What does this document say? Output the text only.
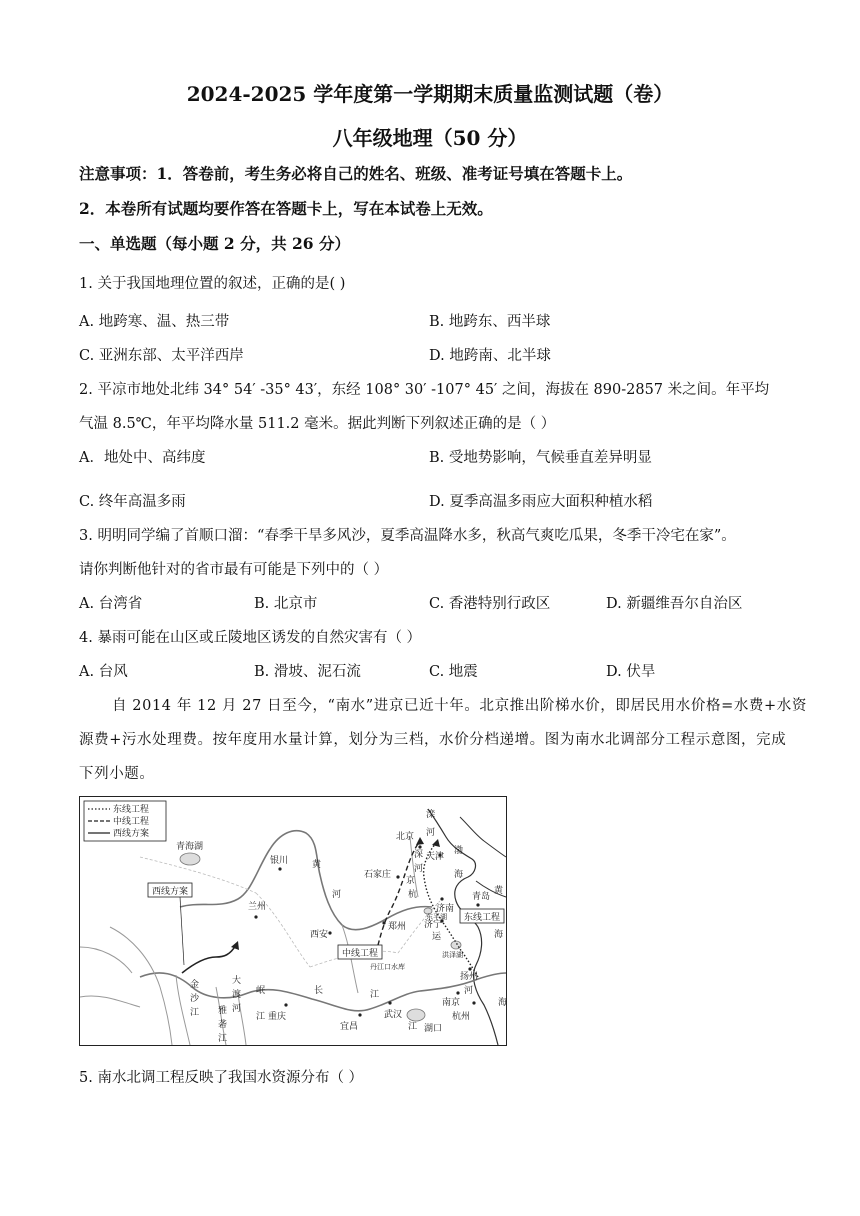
2024-2025 学年度第一学期期末质量监测试题（卷）
八年级地理（50 分）
注意事项：1．答卷前，考生务必将自己的姓名、班级、准考证号填在答题卡上。
2．本卷所有试题均要作答在答题卡上，写在本试卷上无效。
一、单选题（每小题 2 分，共 26 分）
1. 关于我国地理位置的叙述，正确的是( )
A. 地跨寒、温、热三带	B. 地跨东、西半球
C. 亚洲东部、太平洋西岸	D. 地跨南、北半球
2. 平凉市地处北纬 34° 54′ -35° 43′，东经 108° 30′ -107° 45′ 之间，海拔在 890-2857 米之间。年平均
气温 8.5℃，年平均降水量 511.2 毫米。据此判断下列叙述正确的是（ ）
A．地处中、高纬度	B. 受地势影响，气候垂直差异明显
C. 终年高温多雨	D. 夏季高温多雨应大面积种植水稻
3. 明明同学编了首顺口溜：“春季干旱多风沙，夏季高温降水多，秋高气爽吃瓜果，冬季干冷宅在家”。
请你判断他针对的省市最有可能是下列中的（ ）
A. 台湾省	B. 北京市	C. 香港特别行政区	D. 新疆维吾尔自治区
4. 暴雨可能在山区或丘陵地区诱发的自然灾害有（ ）
A. 台风	B. 滑坡、泥石流	C. 地震	D. 伏旱
自 2014 年 12 月 27 日至今，“南水”进京已近十年。北京推出阶梯水价，即居民用水价格=水费+水资
源费+污水处理费。按年度用水量计算，划分为三档，水价分档递增。图为南水北调部分工程示意图，完成
下列小题。
东线工程
中线工程
西线方案
西线方案
中线工程
东线工程
北京
天津
石家庄
济南
青岛
郑州
西安
兰州
银川
青海湖
重庆
宜昌
武汉
南京
扬州
杭州
济宁
丹江口水库
湖口
东平湖
洪泽湖
黄
河
金
沙
江
大
渡
河
雅
砻
江
岷
江
长	江
江
滦
河
京
杭
运
河
深
河
渤
海
黄
海
海
5. 南水北调工程反映了我国水资源分布（ ）
